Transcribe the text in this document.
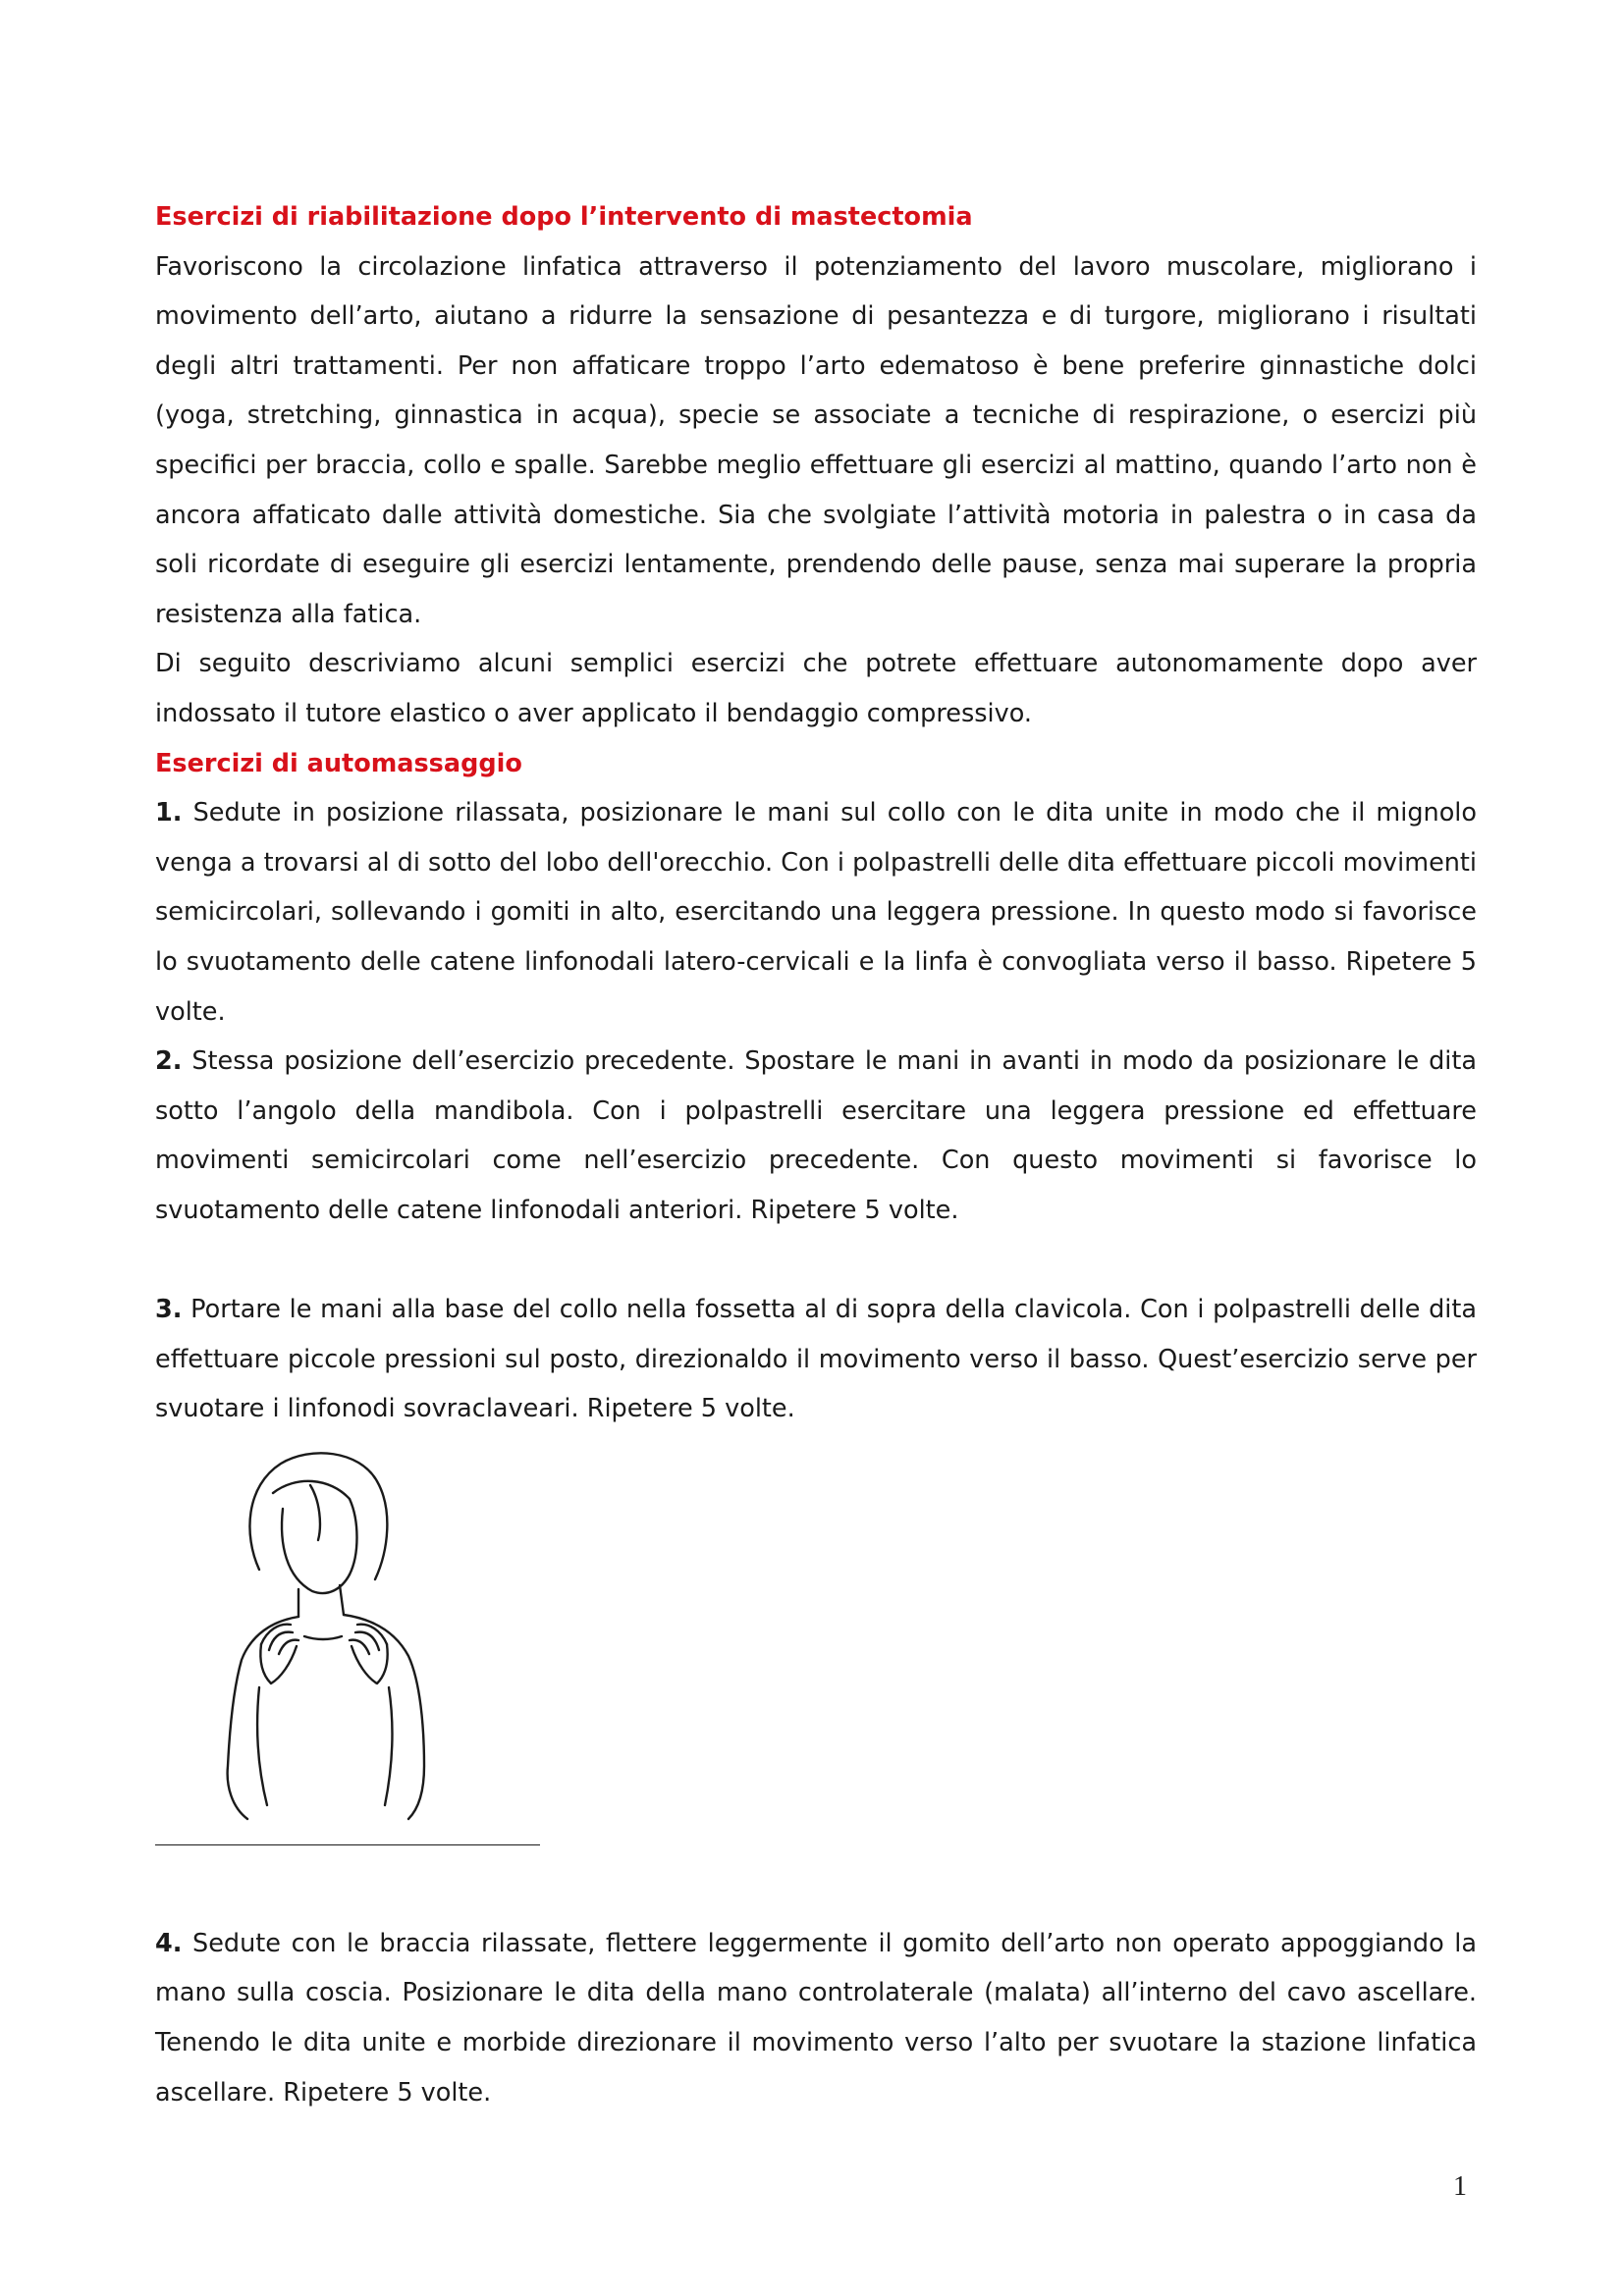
Esercizi di riabilitazione dopo l’intervento di mastectomia

Favoriscono la circolazione linfatica attraverso il potenziamento del lavoro muscolare, migliorano i movimento dell’arto, aiutano a ridurre la sensazione di pesantezza e di turgore, migliorano i risultati degli altri trattamenti. Per non affaticare troppo l’arto edematoso è bene preferire ginnastiche dolci (yoga, stretching, ginnastica in acqua), specie se associate a tecniche di respirazione, o esercizi più specifici per braccia, collo e spalle. Sarebbe meglio effettuare gli esercizi al mattino, quando l’arto non è ancora affaticato dalle attività domestiche. Sia che svolgiate l’attività motoria in palestra o in casa da soli ricordate di eseguire gli esercizi lentamente, prendendo delle pause, senza mai superare la propria resistenza alla fatica.

Di seguito descriviamo alcuni semplici esercizi che potrete effettuare autonomamente dopo aver indossato il tutore elastico o aver applicato il bendaggio compressivo.

Esercizi di automassaggio

1. Sedute in posizione rilassata, posizionare le mani sul collo con le dita unite in modo che il mignolo venga a trovarsi al di sotto del lobo dell'orecchio. Con i polpastrelli delle dita effettuare piccoli movimenti semicircolari, sollevando i gomiti in alto, esercitando una leggera pressione. In questo modo si favorisce lo svuotamento delle catene linfonodali latero-cervicali e la linfa è convogliata verso il basso. Ripetere 5 volte.

2. Stessa posizione dell’esercizio precedente. Spostare le mani in avanti in modo da posizionare le dita sotto l’angolo della mandibola. Con i polpastrelli esercitare una leggera pressione ed effettuare movimenti semicircolari come nell’esercizio precedente. Con questo movimenti si favorisce lo svuotamento delle catene linfonodali anteriori. Ripetere 5 volte.

3. Portare le mani alla base del collo nella fossetta al di sopra della clavicola. Con i polpastrelli delle dita effettuare piccole pressioni sul posto, direzionaldo il movimento verso il basso. Quest’esercizio serve per svuotare i linfonodi sovraclaveari. Ripetere 5 volte.

4. Sedute con le braccia rilassate, flettere leggermente il gomito dell’arto non operato appoggiando la mano sulla coscia. Posizionare le dita della mano controlaterale (malata) all’interno del cavo ascellare. Tenendo le dita unite e morbide direzionare il movimento verso l’alto per svuotare la stazione linfatica ascellare. Ripetere 5 volte.

1
